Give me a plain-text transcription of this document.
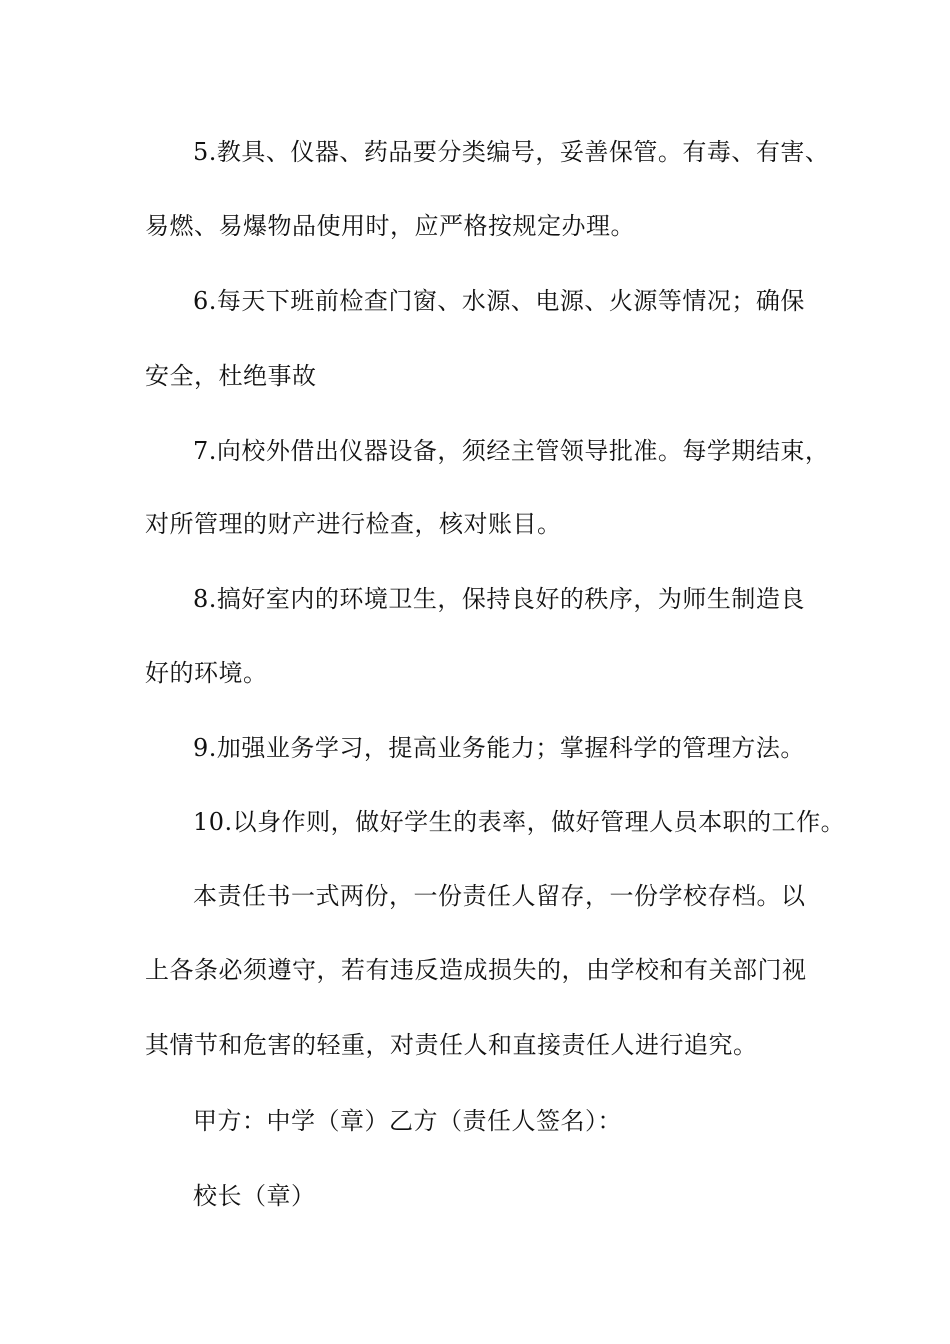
5.教具、仪器、药品要分类编号，妥善保管。有毒、有害、

易燃、易爆物品使用时，应严格按规定办理。

6.每天下班前检查门窗、水源、电源、火源等情况；确保

安全，杜绝事故

7.向校外借出仪器设备，须经主管领导批准。每学期结束，

对所管理的财产进行检查，核对账目。

8.搞好室内的环境卫生，保持良好的秩序，为师生制造良

好的环境。

9.加强业务学习，提高业务能力；掌握科学的管理方法。

10.以身作则，做好学生的表率，做好管理人员本职的工作。

本责任书一式两份，一份责任人留存，一份学校存档。以

上各条必须遵守，若有违反造成损失的，由学校和有关部门视

其情节和危害的轻重，对责任人和直接责任人进行追究。

甲方：中学（章）乙方（责任人签名）：

校长（章）
